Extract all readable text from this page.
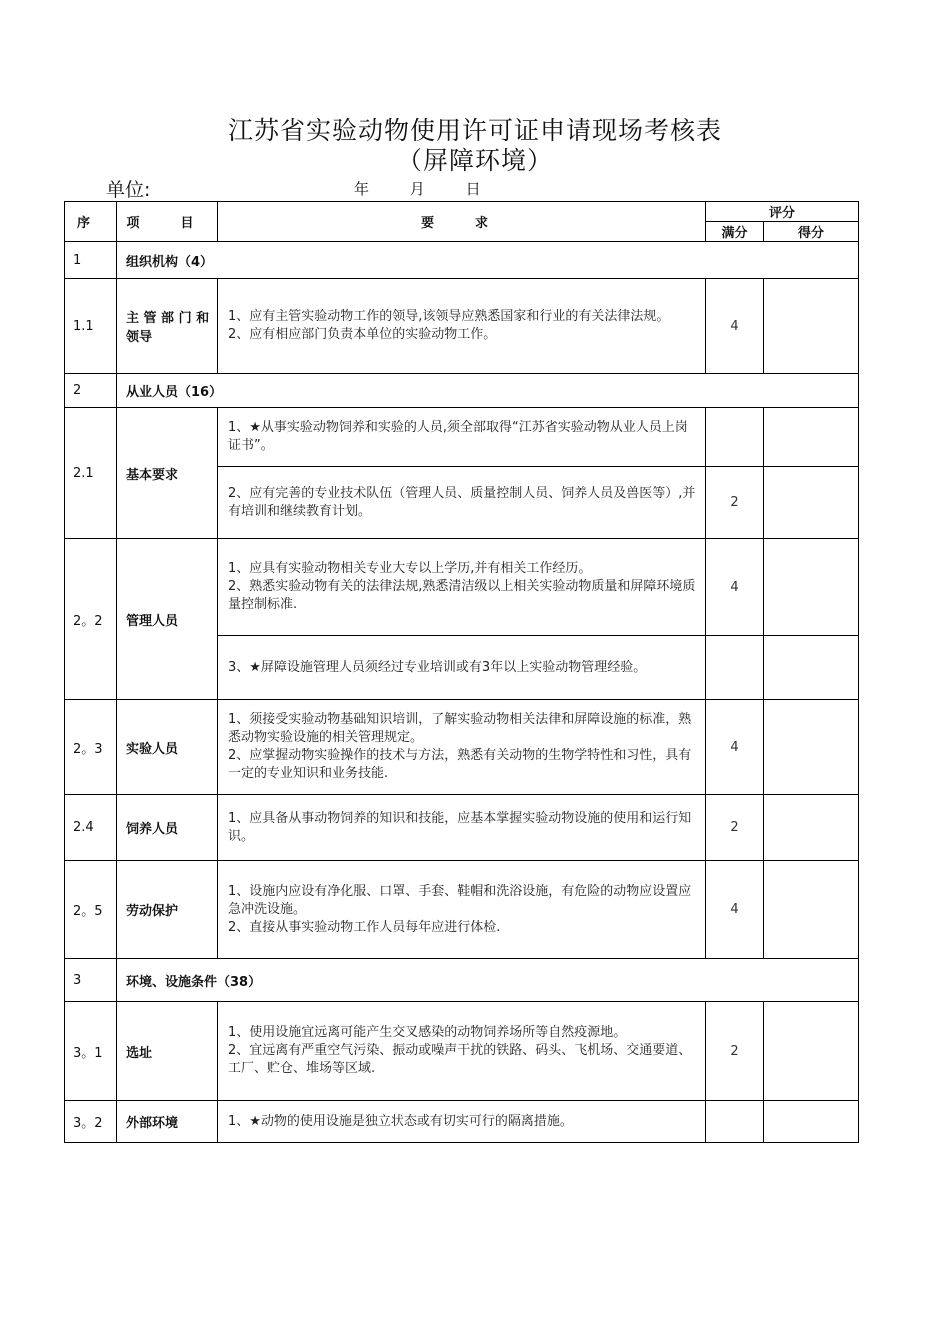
江苏省实验动物使用许可证申请现场考核表
（屏障环境）
单位:	年	月	日
序	项　目	要　求	评分	
			满分	得分
1	组织机构（4）			
1.1	主 管 部 门 和领导	1、应有主管实验动物工作的领导,该领导应熟悉国家和行业的有关法律法规。
2、应有相应部门负责本单位的实验动物工作。	4	
2	从业人员（16）			
2.1	基本要求	1、★从事实验动物饲养和实验的人员,须全部取得“江苏省实验动物从业人员上岗证书”。		

		2、应有完善的专业技术队伍（管理人员、质量控制人员、饲养人员及兽医等）,并有培训和继续教育计划。	2	
2。2	管理人员	1、应具有实验动物相关专业大专以上学历,并有相关工作经历。
2、熟悉实验动物有关的法律法规,熟悉清洁级以上相关实验动物质量和屏障环境质量控制标准.	4	

		3、★屏障设施管理人员须经过专业培训或有3年以上实验动物管理经验。		

2。3	实验人员	1、须接受实验动物基础知识培训，了解实验动物相关法律和屏障设施的标准，熟悉动物实验设施的相关管理规定。
2、应掌握动物实验操作的技术与方法，熟悉有关动物的生物学特性和习性，具有一定的专业知识和业务技能.	4	
2.4	饲养人员	1、应具备从事动物饲养的知识和技能，应基本掌握实验动物设施的使用和运行知识。	2	
2。5	劳动保护	1、设施内应设有净化服、口罩、手套、鞋帽和洗浴设施，有危险的动物应设置应急冲洗设施。
2、直接从事实验动物工作人员每年应进行体检.	4	
3	环境、设施条件（38）			
3。1	选址	1、使用设施宜远离可能产生交叉感染的动物饲养场所等自然疫源地。
2、宜远离有严重空气污染、振动或噪声干扰的铁路、码头、飞机场、交通要道、工厂、贮仓、堆场等区域.	2	
3。2	外部环境	1、★动物的使用设施是独立状态或有切实可行的隔离措施。		
